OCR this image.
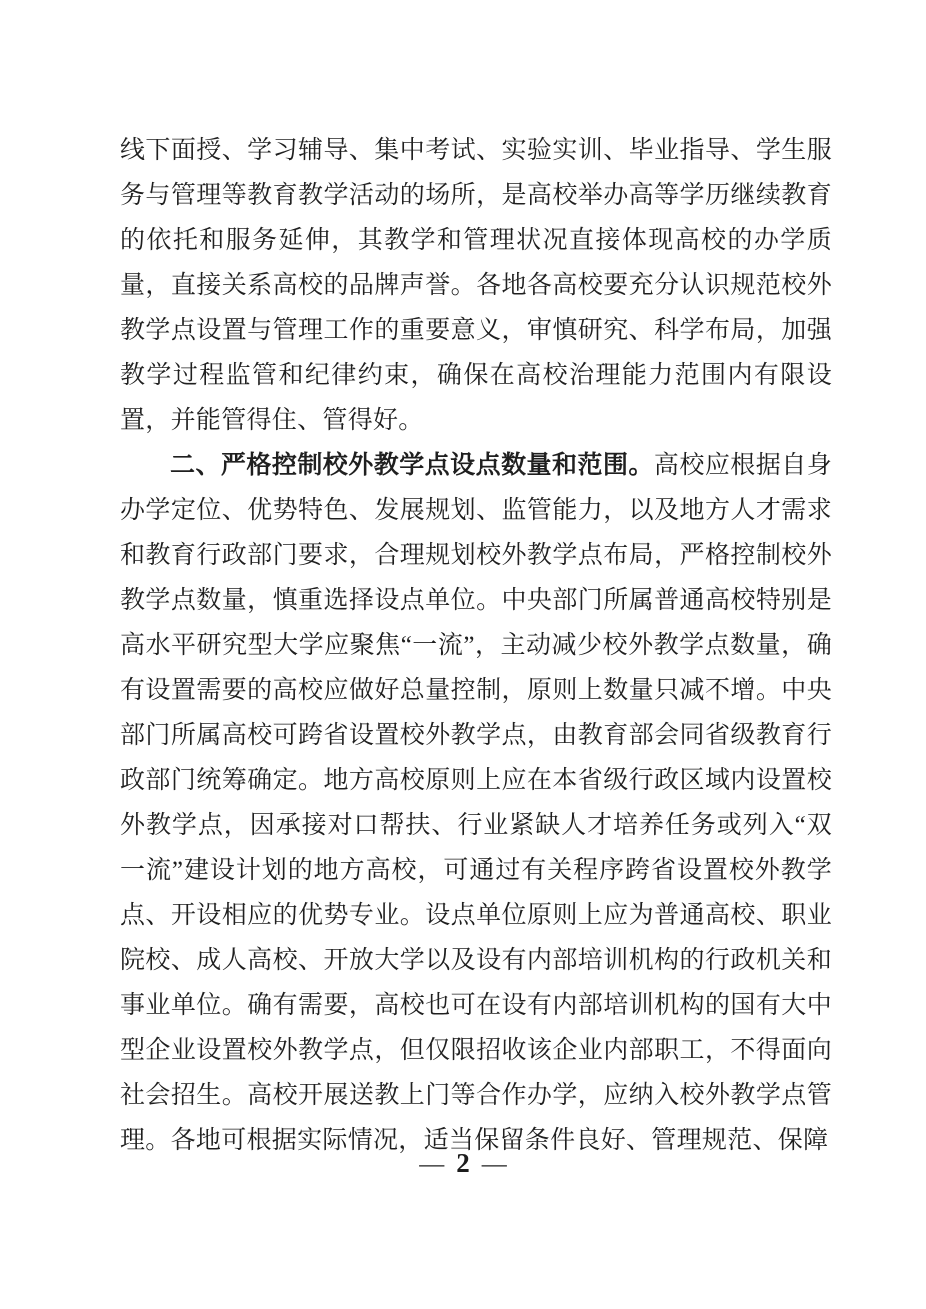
线下面授、学习辅导、集中考试、实验实训、毕业指导、学生服务与管理等教育教学活动的场所，是高校举办高等学历继续教育的依托和服务延伸，其教学和管理状况直接体现高校的办学质量，直接关系高校的品牌声誉。各地各高校要充分认识规范校外教学点设置与管理工作的重要意义，审慎研究、科学布局，加强教学过程监管和纪律约束，确保在高校治理能力范围内有限设置，并能管得住、管得好。

二、严格控制校外教学点设点数量和范围。高校应根据自身办学定位、优势特色、发展规划、监管能力，以及地方人才需求和教育行政部门要求，合理规划校外教学点布局，严格控制校外教学点数量，慎重选择设点单位。中央部门所属普通高校特别是高水平研究型大学应聚焦“一流”，主动减少校外教学点数量，确有设置需要的高校应做好总量控制，原则上数量只减不增。中央部门所属高校可跨省设置校外教学点，由教育部会同省级教育行政部门统筹确定。地方高校原则上应在本省级行政区域内设置校外教学点，因承接对口帮扶、行业紧缺人才培养任务或列入“双一流”建设计划的地方高校，可通过有关程序跨省设置校外教学点、开设相应的优势专业。设点单位原则上应为普通高校、职业院校、成人高校、开放大学以及设有内部培训机构的行政机关和事业单位。确有需要，高校也可在设有内部培训机构的国有大中型企业设置校外教学点，但仅限招收该企业内部职工，不得面向社会招生。高校开展送教上门等合作办学，应纳入校外教学点管理。各地可根据实际情况，适当保留条件良好、管理规范、保障

— 2 —
